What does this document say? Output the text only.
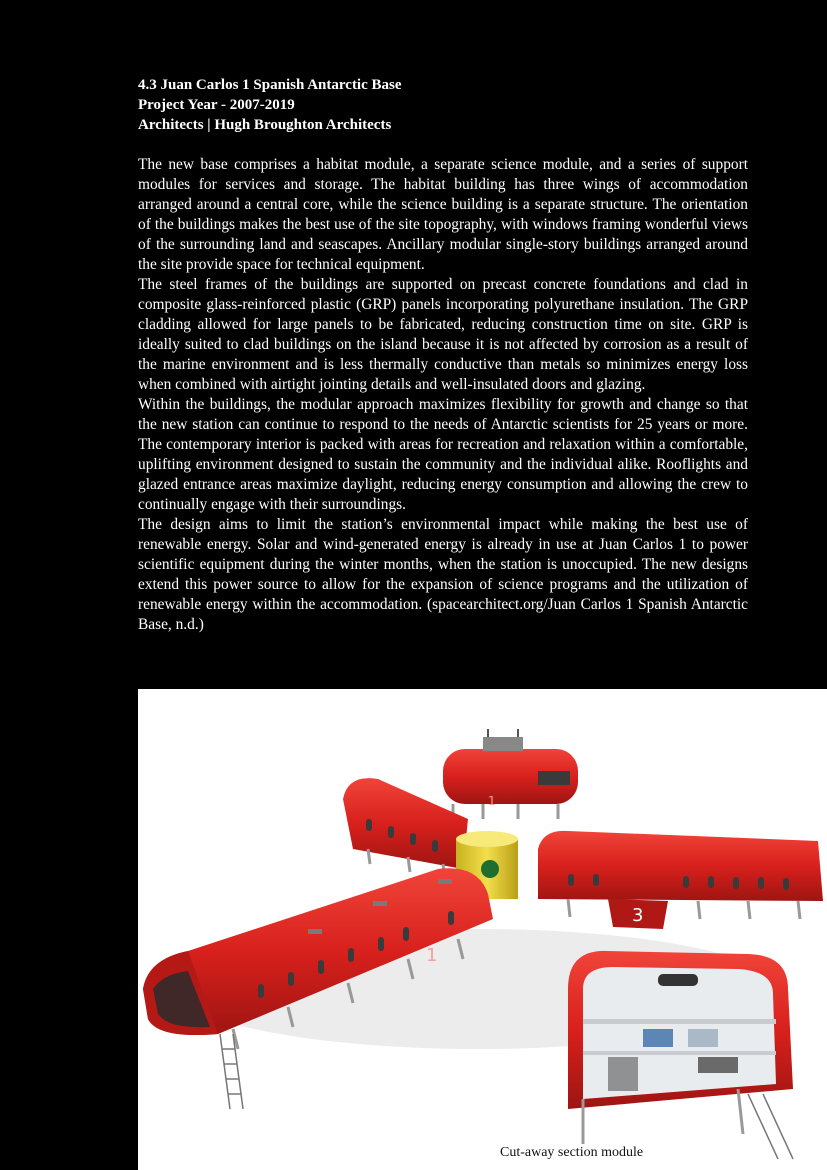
4.3 Juan Carlos 1 Spanish Antarctic Base
Project Year - 2007-2019
Architects | Hugh Broughton Architects

The new base comprises a habitat module, a separate science module, and a series of support modules for services and storage. The habitat building has three wings of accommodation arranged around a central core, while the science building is a separate structure. The orientation of the buildings makes the best use of the site topography, with windows framing wonderful views of the surrounding land and seascapes. Ancillary modular single-story buildings arranged around the site provide space for technical equipment.

The steel frames of the buildings are supported on precast concrete foundations and clad in composite glass-reinforced plastic (GRP) panels incorporating polyurethane insulation. The GRP cladding allowed for large panels to be fabricated, reducing construction time on site. GRP is ideally suited to clad buildings on the island because it is not affected by corrosion as a result of the marine environment and is less thermally conductive than metals so minimizes energy loss when combined with airtight jointing details and well-insulated doors and glazing.

Within the buildings, the modular approach maximizes flexibility for growth and change so that the new station can continue to respond to the needs of Antarctic scientists for 25 years or more. The contemporary interior is packed with areas for recreation and relaxation within a comfortable, uplifting environment designed to sustain the community and the individual alike. Rooflights and glazed entrance areas maximize daylight, reducing energy consumption and allowing the crew to continually engage with their surroundings.

The design aims to limit the station’s environmental impact while making the best use of renewable energy. Solar and wind-generated energy is already in use at Juan Carlos 1 to power scientific equipment during the winter months, when the station is unoccupied. The new designs extend this power source to allow for the expansion of science programs and the utilization of renewable energy within the accommodation. (spacearchitect.org/Juan Carlos 1 Spanish Antarctic Base, n.d.)

3
1
1
Cut-away section module
